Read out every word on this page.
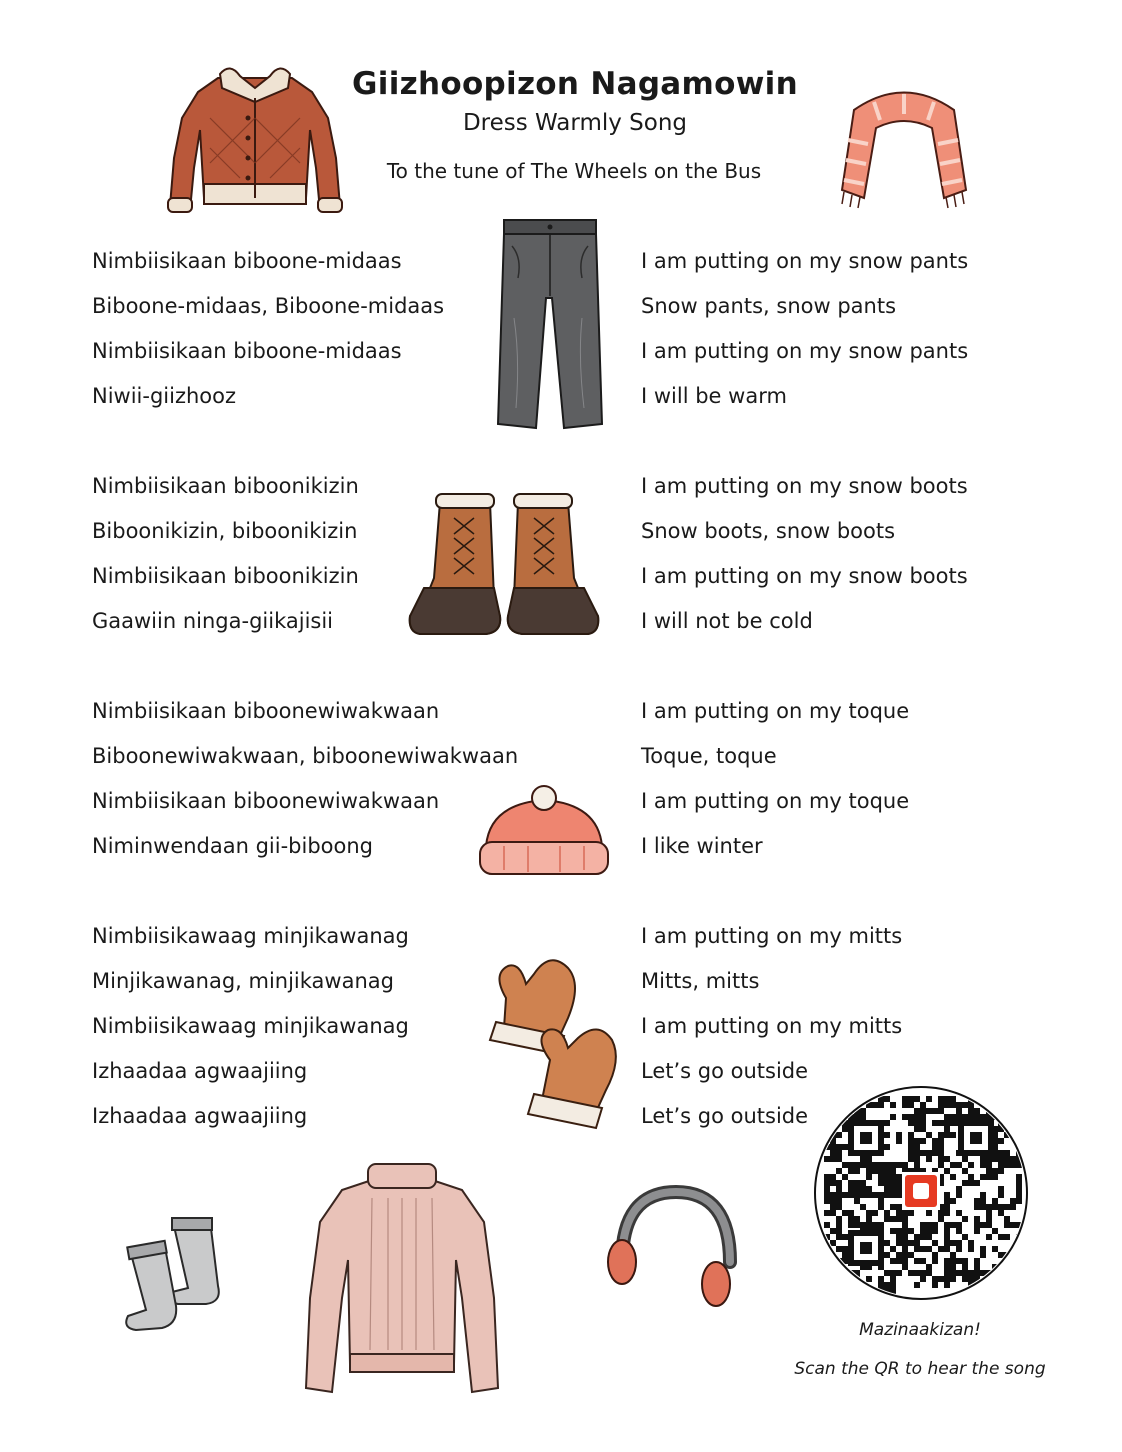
Giizhoopizon Nagamowin
Dress Warmly Song
To the tune of The Wheels on the Bus
Nimbiisikaan biboone-midaas
Biboone-midaas, Biboone-midaas
Nimbiisikaan biboone-midaas
Niwii-giizhooz
I am putting on my snow pants
Snow pants, snow pants
I am putting on my snow pants
I will be warm
Nimbiisikaan biboonikizin
Biboonikizin, biboonikizin
Nimbiisikaan biboonikizin
Gaawiin ninga-giikajisii
I am putting on my snow boots
Snow boots, snow boots
I am putting on my snow boots
I will not be cold
Nimbiisikaan biboonewiwakwaan
Biboonewiwakwaan, biboonewiwakwaan
Nimbiisikaan biboonewiwakwaan
Niminwendaan gii-biboong
I am putting on my toque
Toque, toque
I am putting on my toque
I like winter
Nimbiisikawaag minjikawanag
Minjikawanag, minjikawanag
Nimbiisikawaag minjikawanag
Izhaadaa agwaajiing
Izhaadaa agwaajiing
I am putting on my mitts
Mitts, mitts
I am putting on my mitts
Let’s go outside
Let’s go outside
Mazinaakizan!
Scan the QR to hear the song
